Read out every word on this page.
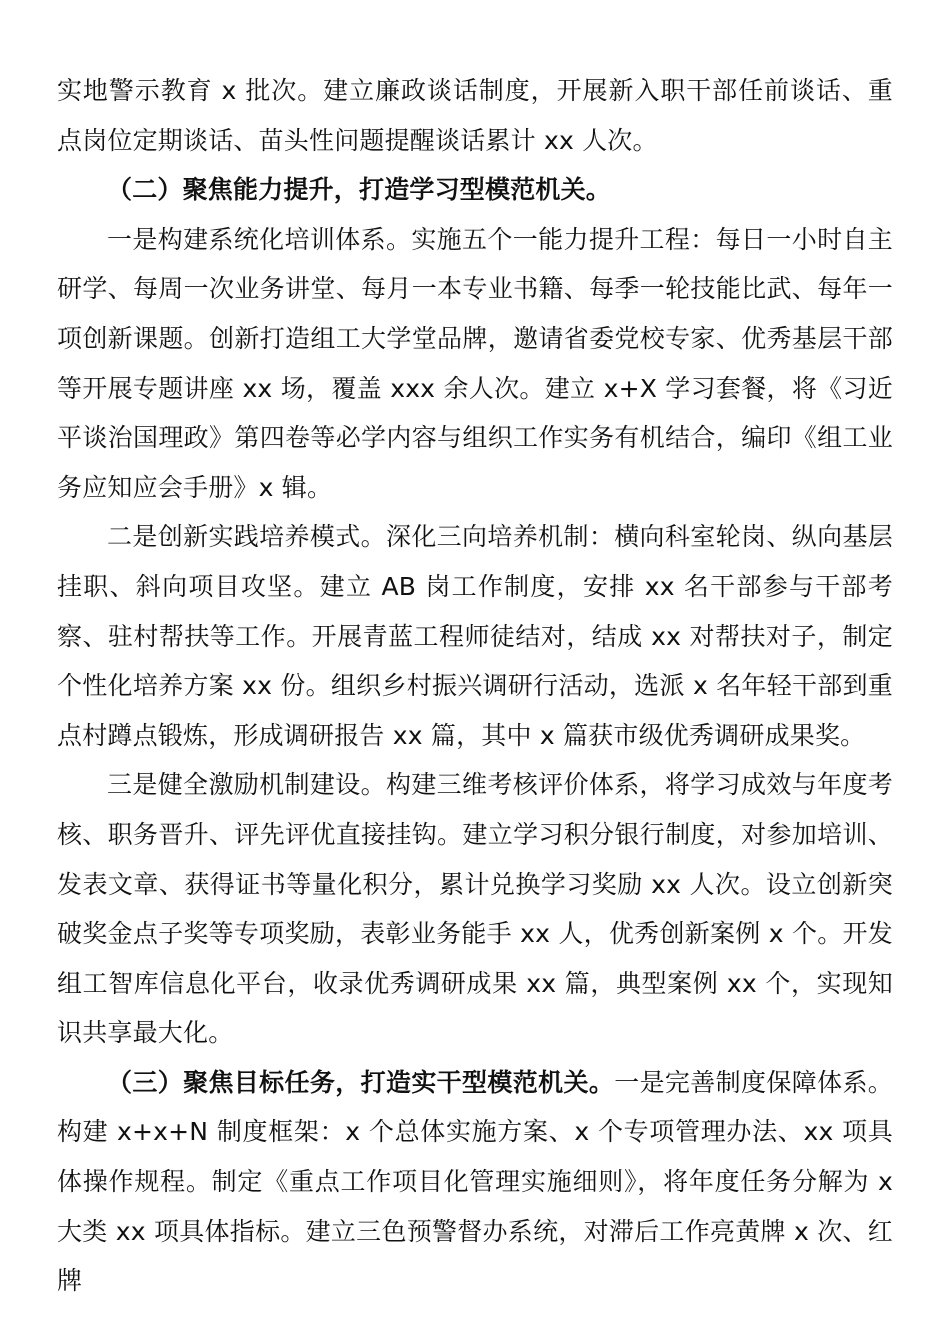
实地警示教育 x 批次。建立廉政谈话制度，开展新入职干部任前谈话、重点岗位定期谈话、苗头性问题提醒谈话累计 xx 人次。

（二）聚焦能力提升，打造学习型模范机关。

一是构建系统化培训体系。实施五个一能力提升工程：每日一小时自主研学、每周一次业务讲堂、每月一本专业书籍、每季一轮技能比武、每年一项创新课题。创新打造组工大学堂品牌，邀请省委党校专家、优秀基层干部等开展专题讲座 xx 场，覆盖 xxx 余人次。建立 x+X 学习套餐，将《习近平谈治国理政》第四卷等必学内容与组织工作实务有机结合，编印《组工业务应知应会手册》x 辑。

二是创新实践培养模式。深化三向培养机制：横向科室轮岗、纵向基层挂职、斜向项目攻坚。建立 AB 岗工作制度，安排 xx 名干部参与干部考察、驻村帮扶等工作。开展青蓝工程师徒结对，结成 xx 对帮扶对子，制定个性化培养方案 xx 份。组织乡村振兴调研行活动，选派 x 名年轻干部到重点村蹲点锻炼，形成调研报告 xx 篇，其中 x 篇获市级优秀调研成果奖。

三是健全激励机制建设。构建三维考核评价体系，将学习成效与年度考核、职务晋升、评先评优直接挂钩。建立学习积分银行制度，对参加培训、发表文章、获得证书等量化积分，累计兑换学习奖励 xx 人次。设立创新突破奖金点子奖等专项奖励，表彰业务能手 xx 人，优秀创新案例 x 个。开发组工智库信息化平台，收录优秀调研成果 xx 篇，典型案例 xx 个，实现知识共享最大化。

（三）聚焦目标任务，打造实干型模范机关。一是完善制度保障体系。构建 x+x+N 制度框架：x 个总体实施方案、x 个专项管理办法、xx 项具体操作规程。制定《重点工作项目化管理实施细则》，将年度任务分解为 x 大类 xx 项具体指标。建立三色预警督办系统，对滞后工作亮黄牌 x 次、红牌
